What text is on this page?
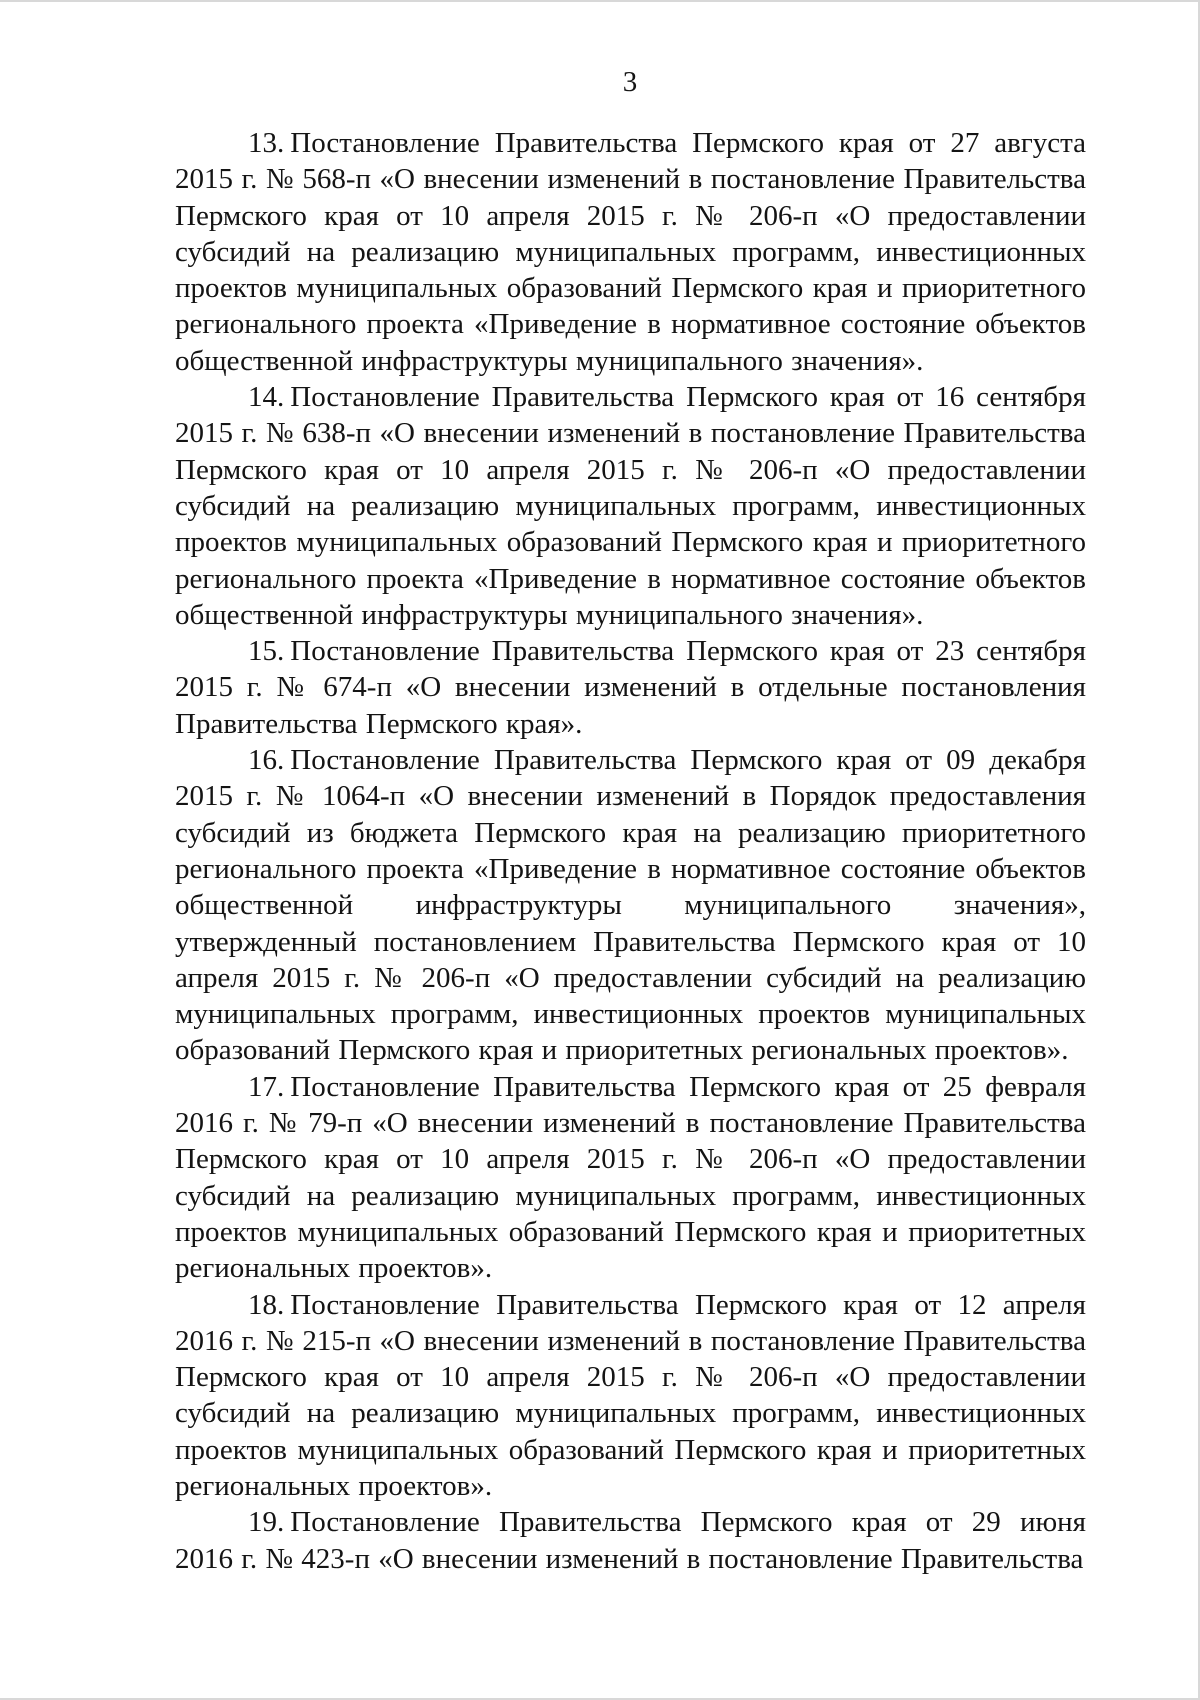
3

13. Постановление Правительства Пермского края от 27 августа 2015 г. № 568-п «О внесении изменений в постановление Правительства Пермского края от 10 апреля 2015 г. № 206-п «О предоставлении субсидий на реализацию муниципальных программ, инвестиционных проектов муниципальных образований Пермского края и приоритетного регионального проекта «Приведение в нормативное состояние объектов общественной инфраструктуры муниципального значения».

14. Постановление Правительства Пермского края от 16 сентября 2015 г. № 638-п «О внесении изменений в постановление Правительства Пермского края от 10 апреля 2015 г. № 206-п «О предоставлении субсидий на реализацию муниципальных программ, инвестиционных проектов муниципальных образований Пермского края и приоритетного регионального проекта «Приведение в нормативное состояние объектов общественной инфраструктуры муниципального значения».

15. Постановление Правительства Пермского края от 23 сентября 2015 г. № 674-п «О внесении изменений в отдельные постановления Правительства Пермского края».

16. Постановление Правительства Пермского края от 09 декабря 2015 г. № 1064-п «О внесении изменений в Порядок предоставления субсидий из бюджета Пермского края на реализацию приоритетного регионального проекта «Приведение в нормативное состояние объектов общественной инфраструктуры муниципального значения», утвержденный постановлением Правительства Пермского края от 10 апреля 2015 г. № 206-п «О предоставлении субсидий на реализацию муниципальных программ, инвестиционных проектов муниципальных образований Пермского края и приоритетных региональных проектов».

17. Постановление Правительства Пермского края от 25 февраля 2016 г. № 79-п «О внесении изменений в постановление Правительства Пермского края от 10 апреля 2015 г. № 206-п «О предоставлении субсидий на реализацию муниципальных программ, инвестиционных проектов муниципальных образований Пермского края и приоритетных региональных проектов».

18. Постановление Правительства Пермского края от 12 апреля 2016 г. № 215-п «О внесении изменений в постановление Правительства Пермского края от 10 апреля 2015 г. № 206-п «О предоставлении субсидий на реализацию муниципальных программ, инвестиционных проектов муниципальных образований Пермского края и приоритетных региональных проектов».

19. Постановление Правительства Пермского края от 29 июня 2016 г. № 423-п «О внесении изменений в постановление Правительства
